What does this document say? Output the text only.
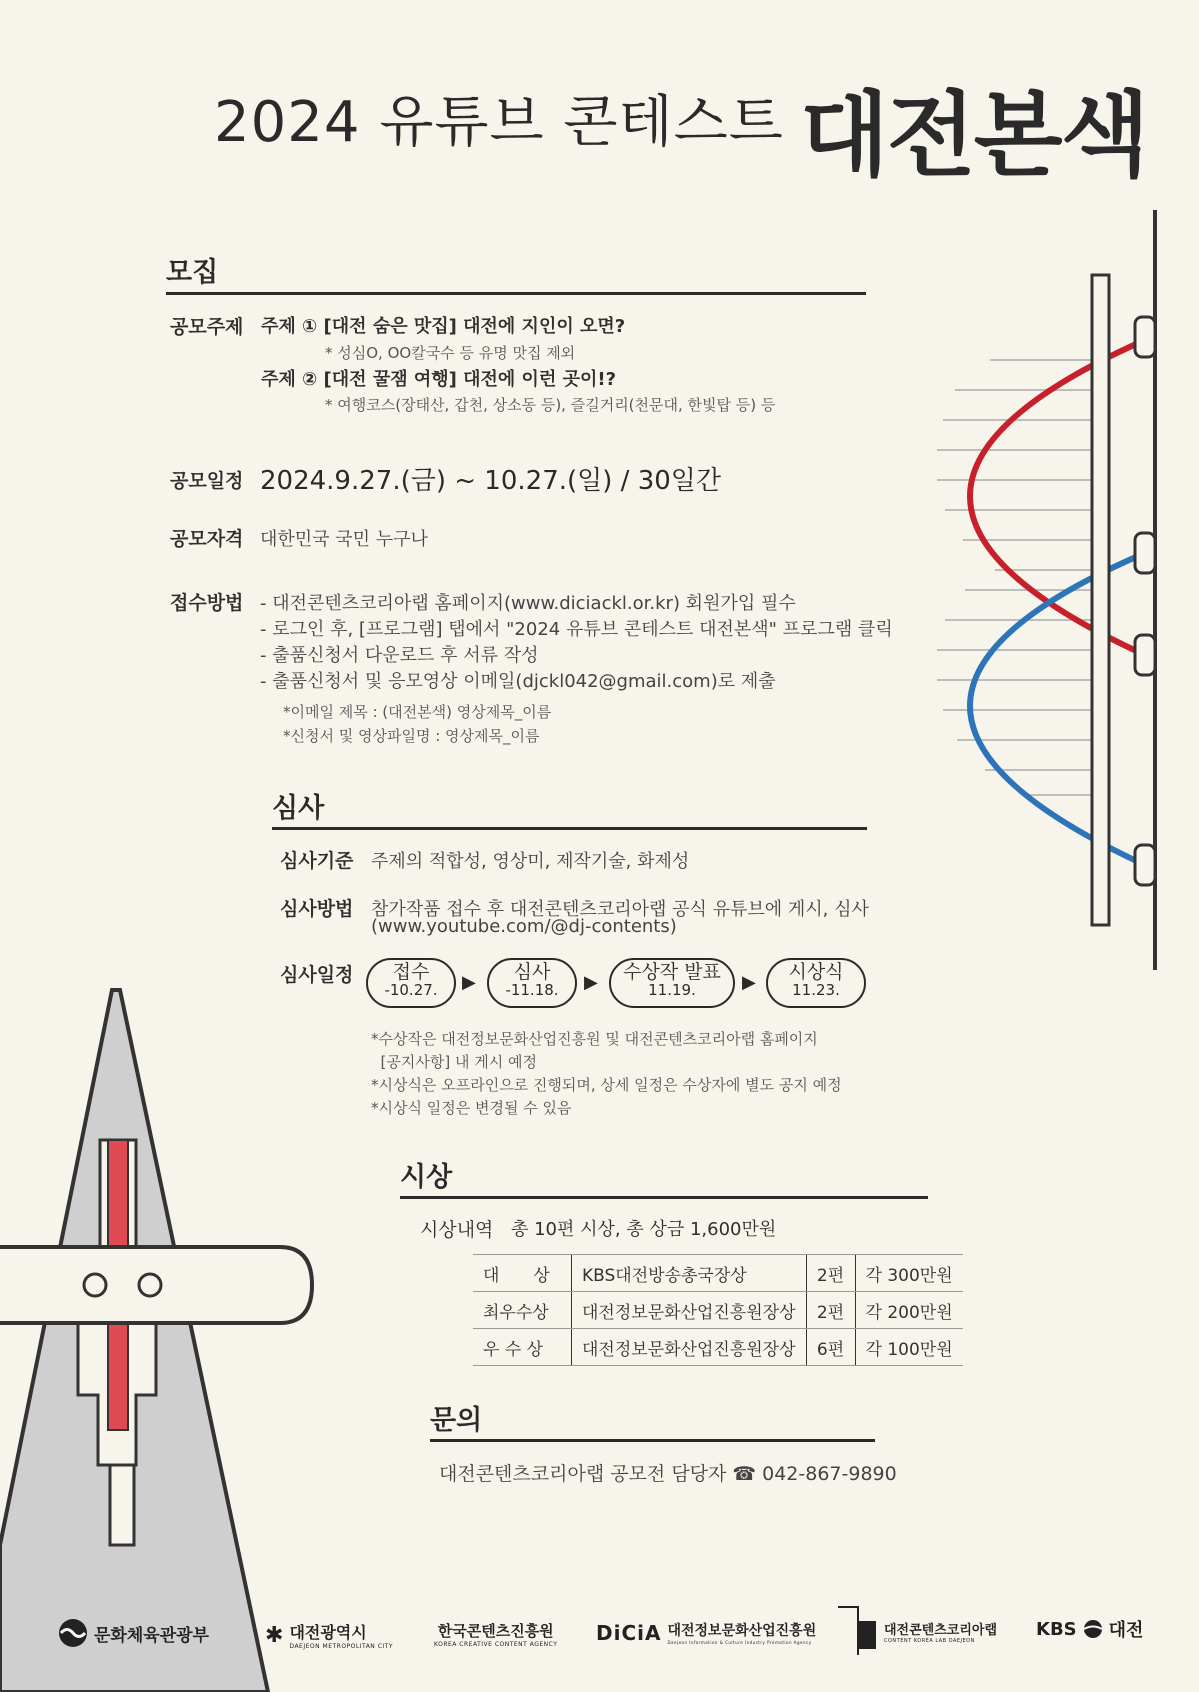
2024 유튜브 콘테스트 대전본색
모집
공모주제 주제 ① [대전 숨은 맛집] 대전에 지인이 오면?
* 성심O, OO칼국수 등 유명 맛집 제외
주제 ② [대전 꿀잼 여행] 대전에 이런 곳이!?
* 여행코스(장태산, 갑천, 상소동 등), 즐길거리(천문대, 한빛탑 등) 등
공모일정 2024.9.27.(금) ~ 10.27.(일) / 30일간
공모자격 대한민국 국민 누구나
접수방법 - 대전콘텐츠코리아랩 홈페이지(www.diciackl.or.kr) 회원가입 필수
- 로그인 후, [프로그램] 탭에서 "2024 유튜브 콘테스트 대전본색" 프로그램 클릭
- 출품신청서 다운로드 후 서류 작성
- 출품신청서 및 응모영상 이메일(djckl042@gmail.com)로 제출
*이메일 제목 : (대전본색) 영상제목_이름
*신청서 및 영상파일명 : 영상제목_이름
심사
심사기준 주제의 적합성, 영상미, 제작기술, 화제성
심사방법 참가작품 접수 후 대전콘텐츠코리아랩 공식 유튜브에 게시, 심사
(www.youtube.com/@dj-contents)
심사일정	접수
-10.27.	▶	심사
-11.18.	▶	수상작 발표
11.19.	▶	시상식
11.23.
*수상작은 대전정보문화산업진흥원 및 대전콘텐츠코리아랩 홈페이지
[공지사항] 내 게시 예정
*시상식은 오프라인으로 진행되며, 상세 일정은 수상자에 별도 공지 예정
*시상식 일정은 변경될 수 있음
시상
시상내역 총 10편 시상, 총 상금 1,600만원
대　　상	KBS대전방송총국장상	2편	각 300만원
최우수상	대전정보문화산업진흥원장상	2편	각 200만원
우 수 상	대전정보문화산업진흥원장상	6편	각 100만원
문의
대전콘텐츠코리아랩 공모전 담당자 ☎ 042-867-9890
문화체육관광부	✱ 대전광역시
DAEJEON METROPOLITAN CITY
한국콘텐츠진흥원
KOREA CREATIVE CONTENT AGENCY DiCiA 대전정보문화산업진흥원
Daejeon Information & Culture Industry Promotion Agency
대전콘텐츠코리아랩
CONTENT KOREA LAB DAEJEON
KBS 대전
